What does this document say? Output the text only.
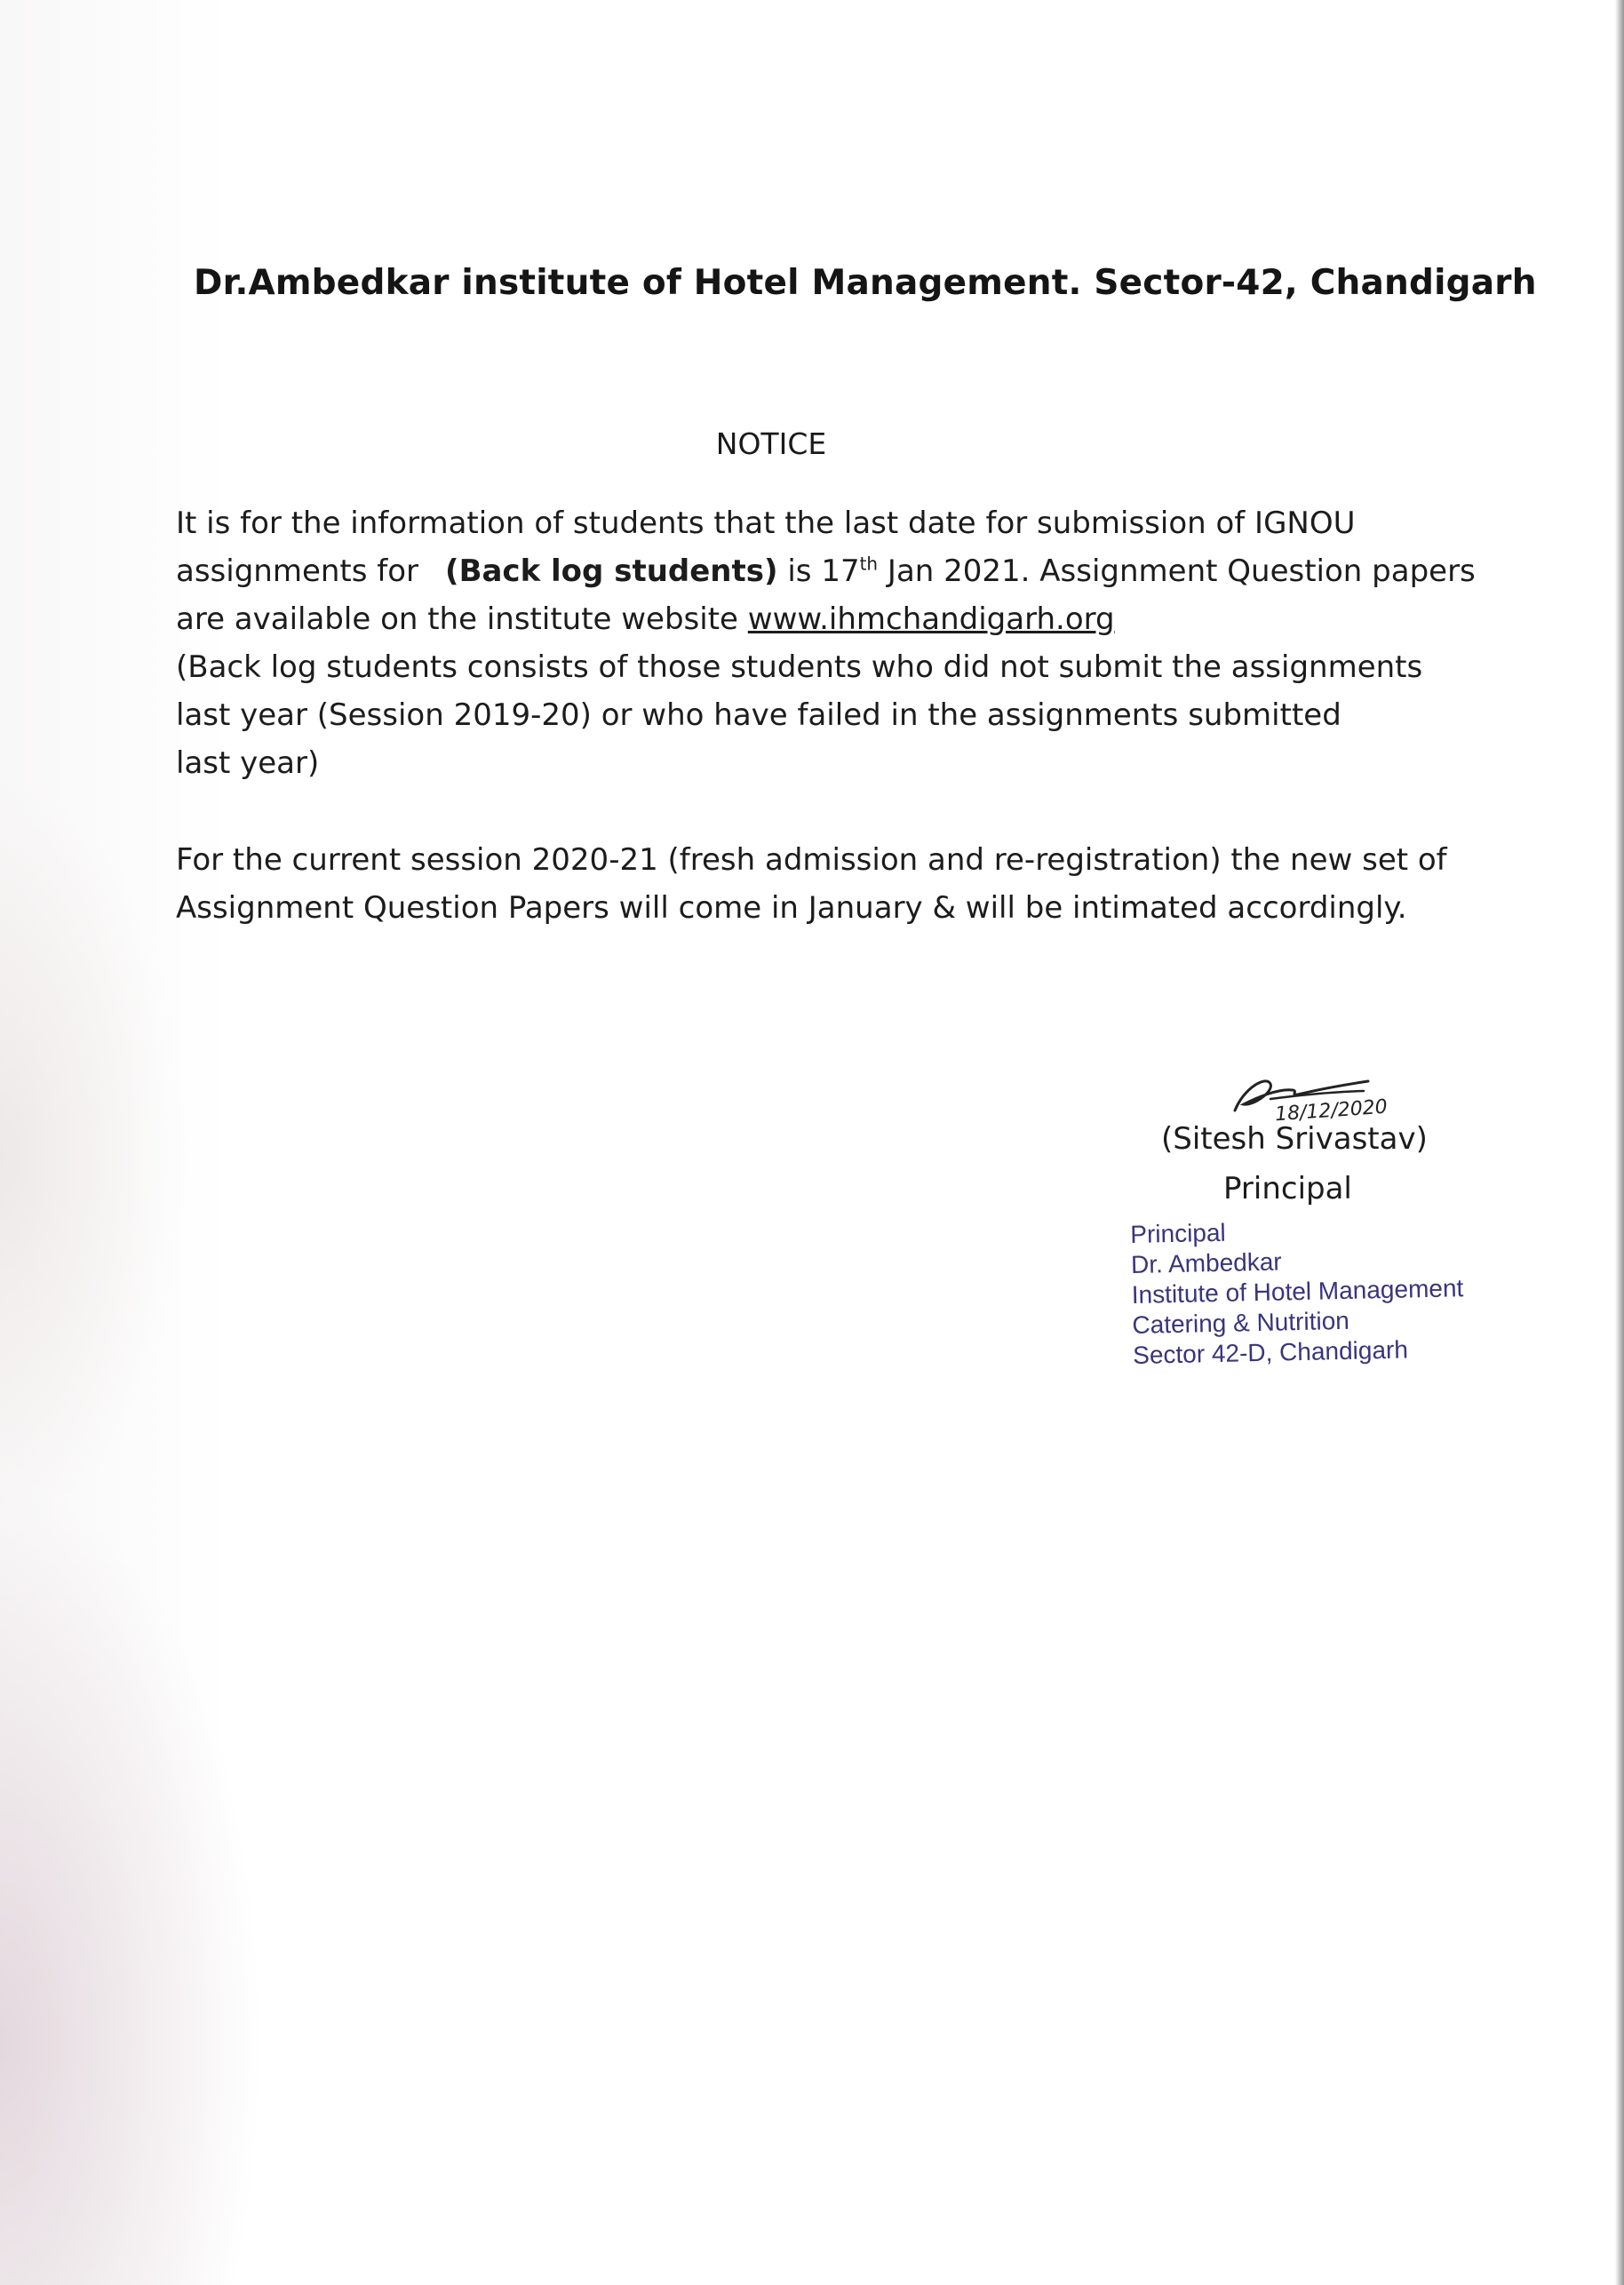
Dr.Ambedkar institute of Hotel Management. Sector-42, Chandigarh
NOTICE
It is for the information of students that the last date for submission of IGNOU
assignments for (Back log students) is 17th Jan 2021. Assignment Question papers
are available on the institute website www.ihmchandigarh.org
(Back log students consists of those students who did not submit the assignments
last year (Session 2019-20) or who have failed in the assignments submitted
last year)
For the current session 2020-21 (fresh admission and re-registration) the new set of
Assignment Question Papers will come in January & will be intimated accordingly.
18/12/2020
(Sitesh Srivastav)
Principal
Principal
Dr. Ambedkar
Institute of Hotel Management
Catering & Nutrition
Sector 42-D, Chandigarh
